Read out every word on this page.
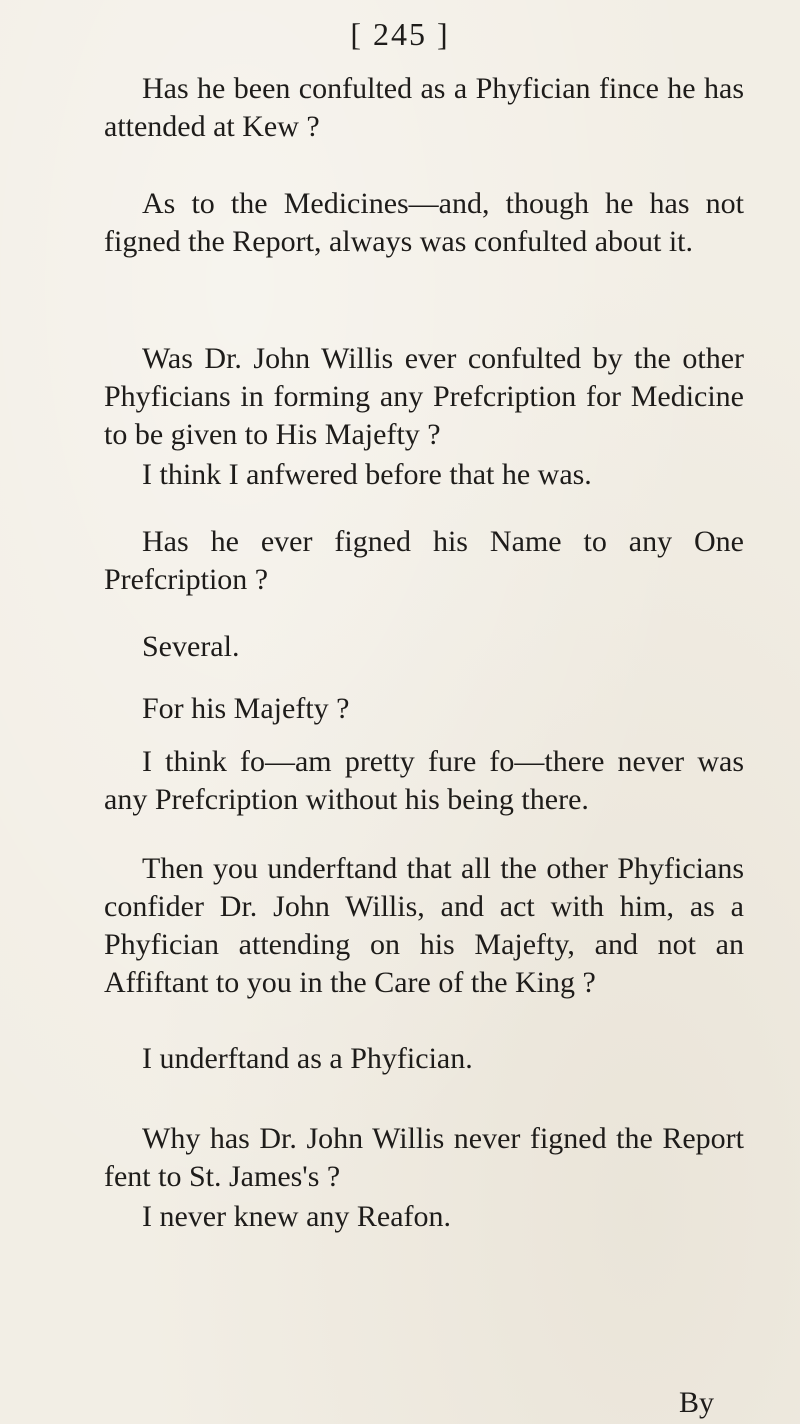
[ 245 ]

Has he been confulted as a Phyfician fince he has attended at Kew ?

As to the Medicines—and, though he has not figned the Report, always was confulted about it.

Was Dr. John Willis ever confulted by the other Phyficians in forming any Prefcription for Medicine to be given to His Majefty ?

I think I anfwered before that he was.

Has he ever figned his Name to any One Prefcription ?

Several.

For his Majefty ?

I think fo—am pretty fure fo—there never was any Prefcription without his being there.

Then you underftand that all the other Phyficians confider Dr. John Willis, and act with him, as a Phyfician attending on his Majefty, and not an Affiftant to you in the Care of the King ?

I underftand as a Phyfician.

Why has Dr. John Willis never figned the Report fent to St. James's ?

I never knew any Reafon.

By
